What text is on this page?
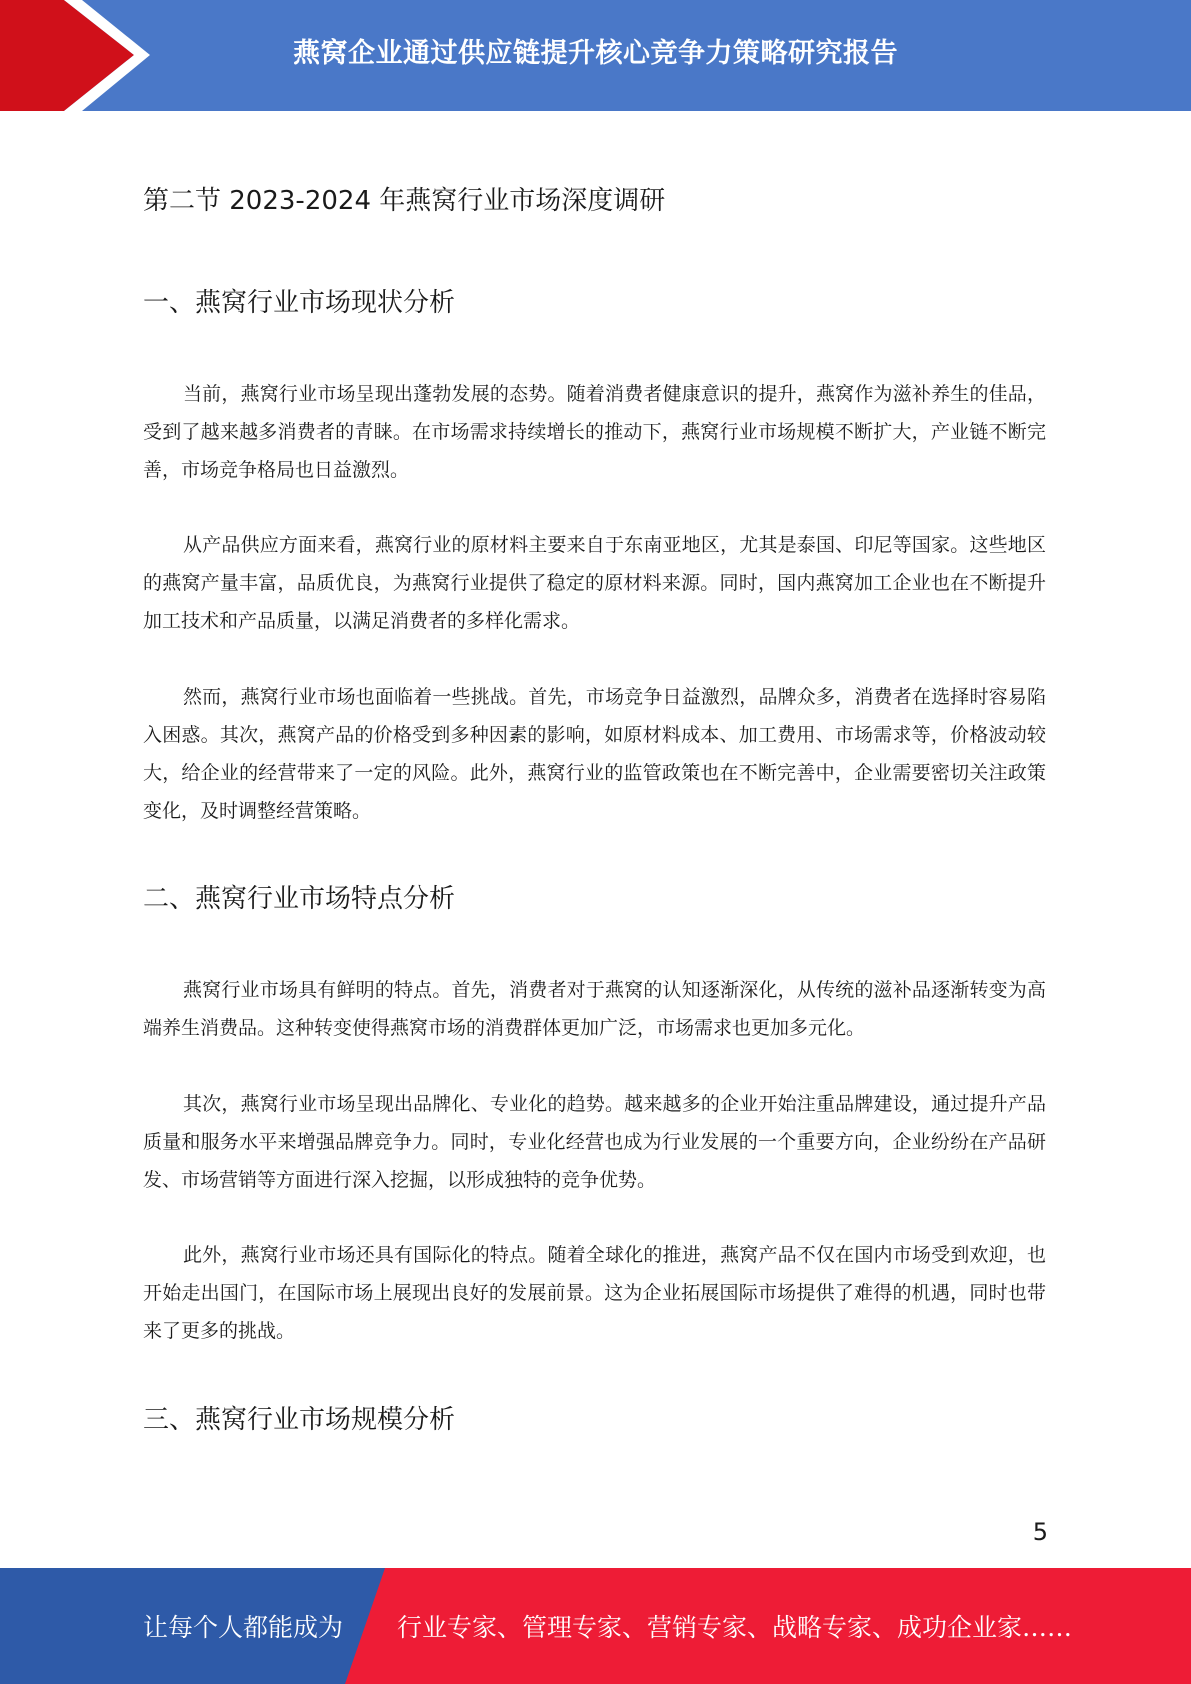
燕窝企业通过供应链提升核心竞争力策略研究报告
第二节 2023-2024 年燕窝行业市场深度调研
一、燕窝行业市场现状分析

当前，燕窝行业市场呈现出蓬勃发展的态势。随着消费者健康意识的提升，燕窝作为滋补养生的佳品，受到了越来越多消费者的青睐。在市场需求持续增长的推动下，燕窝行业市场规模不断扩大，产业链不断完善，市场竞争格局也日益激烈。

从产品供应方面来看，燕窝行业的原材料主要来自于东南亚地区，尤其是泰国、印尼等国家。这些地区的燕窝产量丰富，品质优良，为燕窝行业提供了稳定的原材料来源。同时，国内燕窝加工企业也在不断提升加工技术和产品质量，以满足消费者的多样化需求。

然而，燕窝行业市场也面临着一些挑战。首先，市场竞争日益激烈，品牌众多，消费者在选择时容易陷入困惑。其次，燕窝产品的价格受到多种因素的影响，如原材料成本、加工费用、市场需求等，价格波动较大，给企业的经营带来了一定的风险。此外，燕窝行业的监管政策也在不断完善中，企业需要密切关注政策变化，及时调整经营策略。

二、燕窝行业市场特点分析

燕窝行业市场具有鲜明的特点。首先，消费者对于燕窝的认知逐渐深化，从传统的滋补品逐渐转变为高端养生消费品。这种转变使得燕窝市场的消费群体更加广泛，市场需求也更加多元化。

其次，燕窝行业市场呈现出品牌化、专业化的趋势。越来越多的企业开始注重品牌建设，通过提升产品质量和服务水平来增强品牌竞争力。同时，专业化经营也成为行业发展的一个重要方向，企业纷纷在产品研发、市场营销等方面进行深入挖掘，以形成独特的竞争优势。

此外，燕窝行业市场还具有国际化的特点。随着全球化的推进，燕窝产品不仅在国内市场受到欢迎，也开始走出国门，在国际市场上展现出良好的发展前景。这为企业拓展国际市场提供了难得的机遇，同时也带来了更多的挑战。

三、燕窝行业市场规模分析
5
让每个人都能成为 行业专家、管理专家、营销专家、战略专家、成功企业家……
